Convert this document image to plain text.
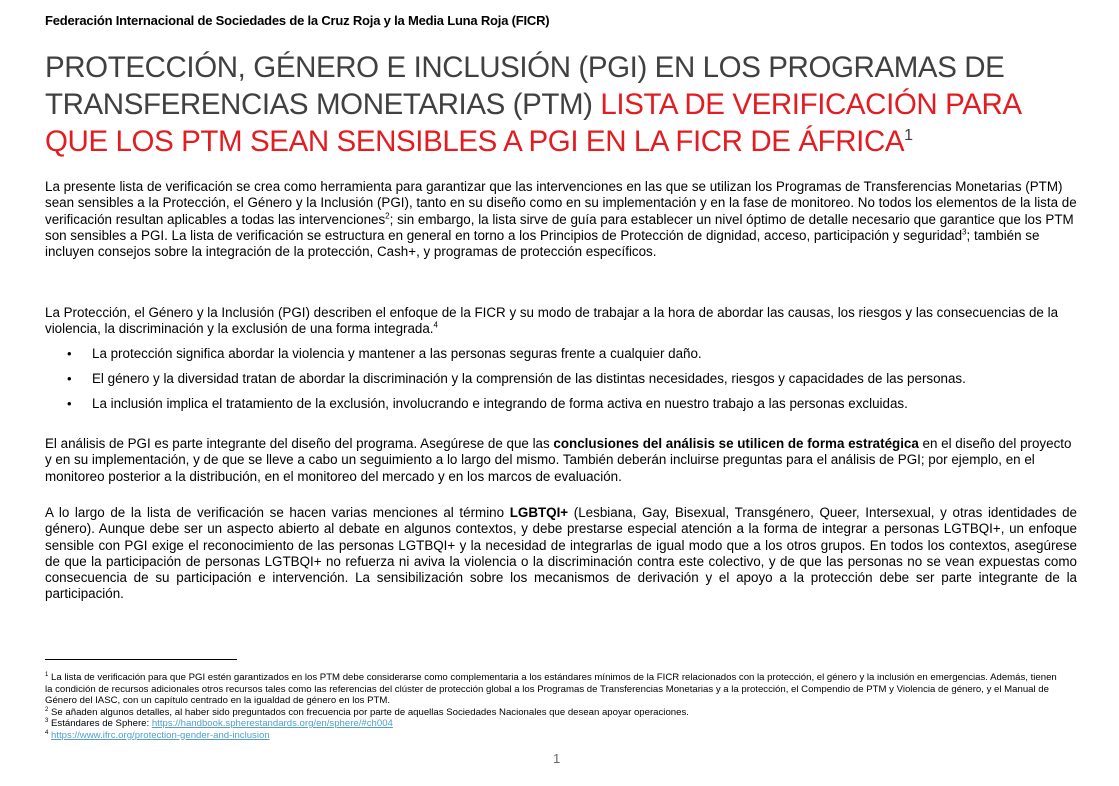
Federación Internacional de Sociedades de la Cruz Roja y la Media Luna Roja (FICR)
PROTECCIÓN, GÉNERO E INCLUSIÓN (PGI) EN LOS PROGRAMAS DE TRANSFERENCIAS MONETARIAS (PTM) LISTA DE VERIFICACIÓN PARA QUE LOS PTM SEAN SENSIBLES A PGI EN LA FICR DE ÁFRICA$^1$
La presente lista de verificación se crea como herramienta para garantizar que las intervenciones en las que se utilizan los Programas de Transferencias Monetarias (PTM) sean sensibles a la Protección, el Género y la Inclusión (PGI), tanto en su diseño como en su implementación y en la fase de monitoreo. No todos los elementos de la lista de verificación resultan aplicables a todas las intervenciones$^2$; sin embargo, la lista sirve de guía para establecer un nivel óptimo de detalle necesario que garantice que los PTM son sensibles a PGI. La lista de verificación se estructura en general en torno a los Principios de Protección de dignidad, acceso, participación y seguridad$^3$; también se incluyen consejos sobre la integración de la protección, Cash+, y programas de protección específicos.
La Protección, el Género y la Inclusión (PGI) describen el enfoque de la FICR y su modo de trabajar a la hora de abordar las causas, los riesgos y las consecuencias de la violencia, la discriminación y la exclusión de una forma integrada.$^4$
• La protección significa abordar la violencia y mantener a las personas seguras frente a cualquier daño.
• El género y la diversidad tratan de abordar la discriminación y la comprensión de las distintas necesidades, riesgos y capacidades de las personas.
• La inclusión implica el tratamiento de la exclusión, involucrando e integrando de forma activa en nuestro trabajo a las personas excluidas.
El análisis de PGI es parte integrante del diseño del programa. Asegúrese de que las conclusiones del análisis se utilicen de forma estratégica en el diseño del proyecto y en su implementación, y de que se lleve a cabo un seguimiento a lo largo del mismo. También deberán incluirse preguntas para el análisis de PGI; por ejemplo, en el monitoreo posterior a la distribución, en el monitoreo del mercado y en los marcos de evaluación.
A lo largo de la lista de verificación se hacen varias menciones al término LGBTQI+ (Lesbiana, Gay, Bisexual, Transgénero, Queer, Intersexual, y otras identidades de género). Aunque debe ser un aspecto abierto al debate en algunos contextos, y debe prestarse especial atención a la forma de integrar a personas LGTBQI+, un enfoque sensible con PGI exige el reconocimiento de las personas LGTBQI+ y la necesidad de integrarlas de igual modo que a los otros grupos. En todos los contextos, asegúrese de que la participación de personas LGTBQI+ no refuerza ni aviva la violencia o la discriminación contra este colectivo, y de que las personas no se vean expuestas como consecuencia de su participación e intervención. La sensibilización sobre los mecanismos de derivación y el apoyo a la protección debe ser parte integrante de la participación.

$^1$ La lista de verificación para que PGI estén garantizados en los PTM debe considerarse como complementaria a los estándares mínimos de la FICR relacionados con la protección, el género y la inclusión en emergencias. Además, tienen la condición de recursos adicionales otros recursos tales como las referencias del clúster de protección global a los Programas de Transferencias Monetarias y a la protección, el Compendio de PTM y Violencia de género, y el Manual de Género del IASC, con un capítulo centrado en la igualdad de género en los PTM.

$^2$ Se añaden algunos detalles, al haber sido preguntados con frecuencia por parte de aquellas Sociedades Nacionales que desean apoyar operaciones.

$^3$ Estándares de Sphere: https://handbook.spherestandards.org/en/sphere/#ch004

$^4$ https://www.ifrc.org/protection-gender-and-inclusion

1
